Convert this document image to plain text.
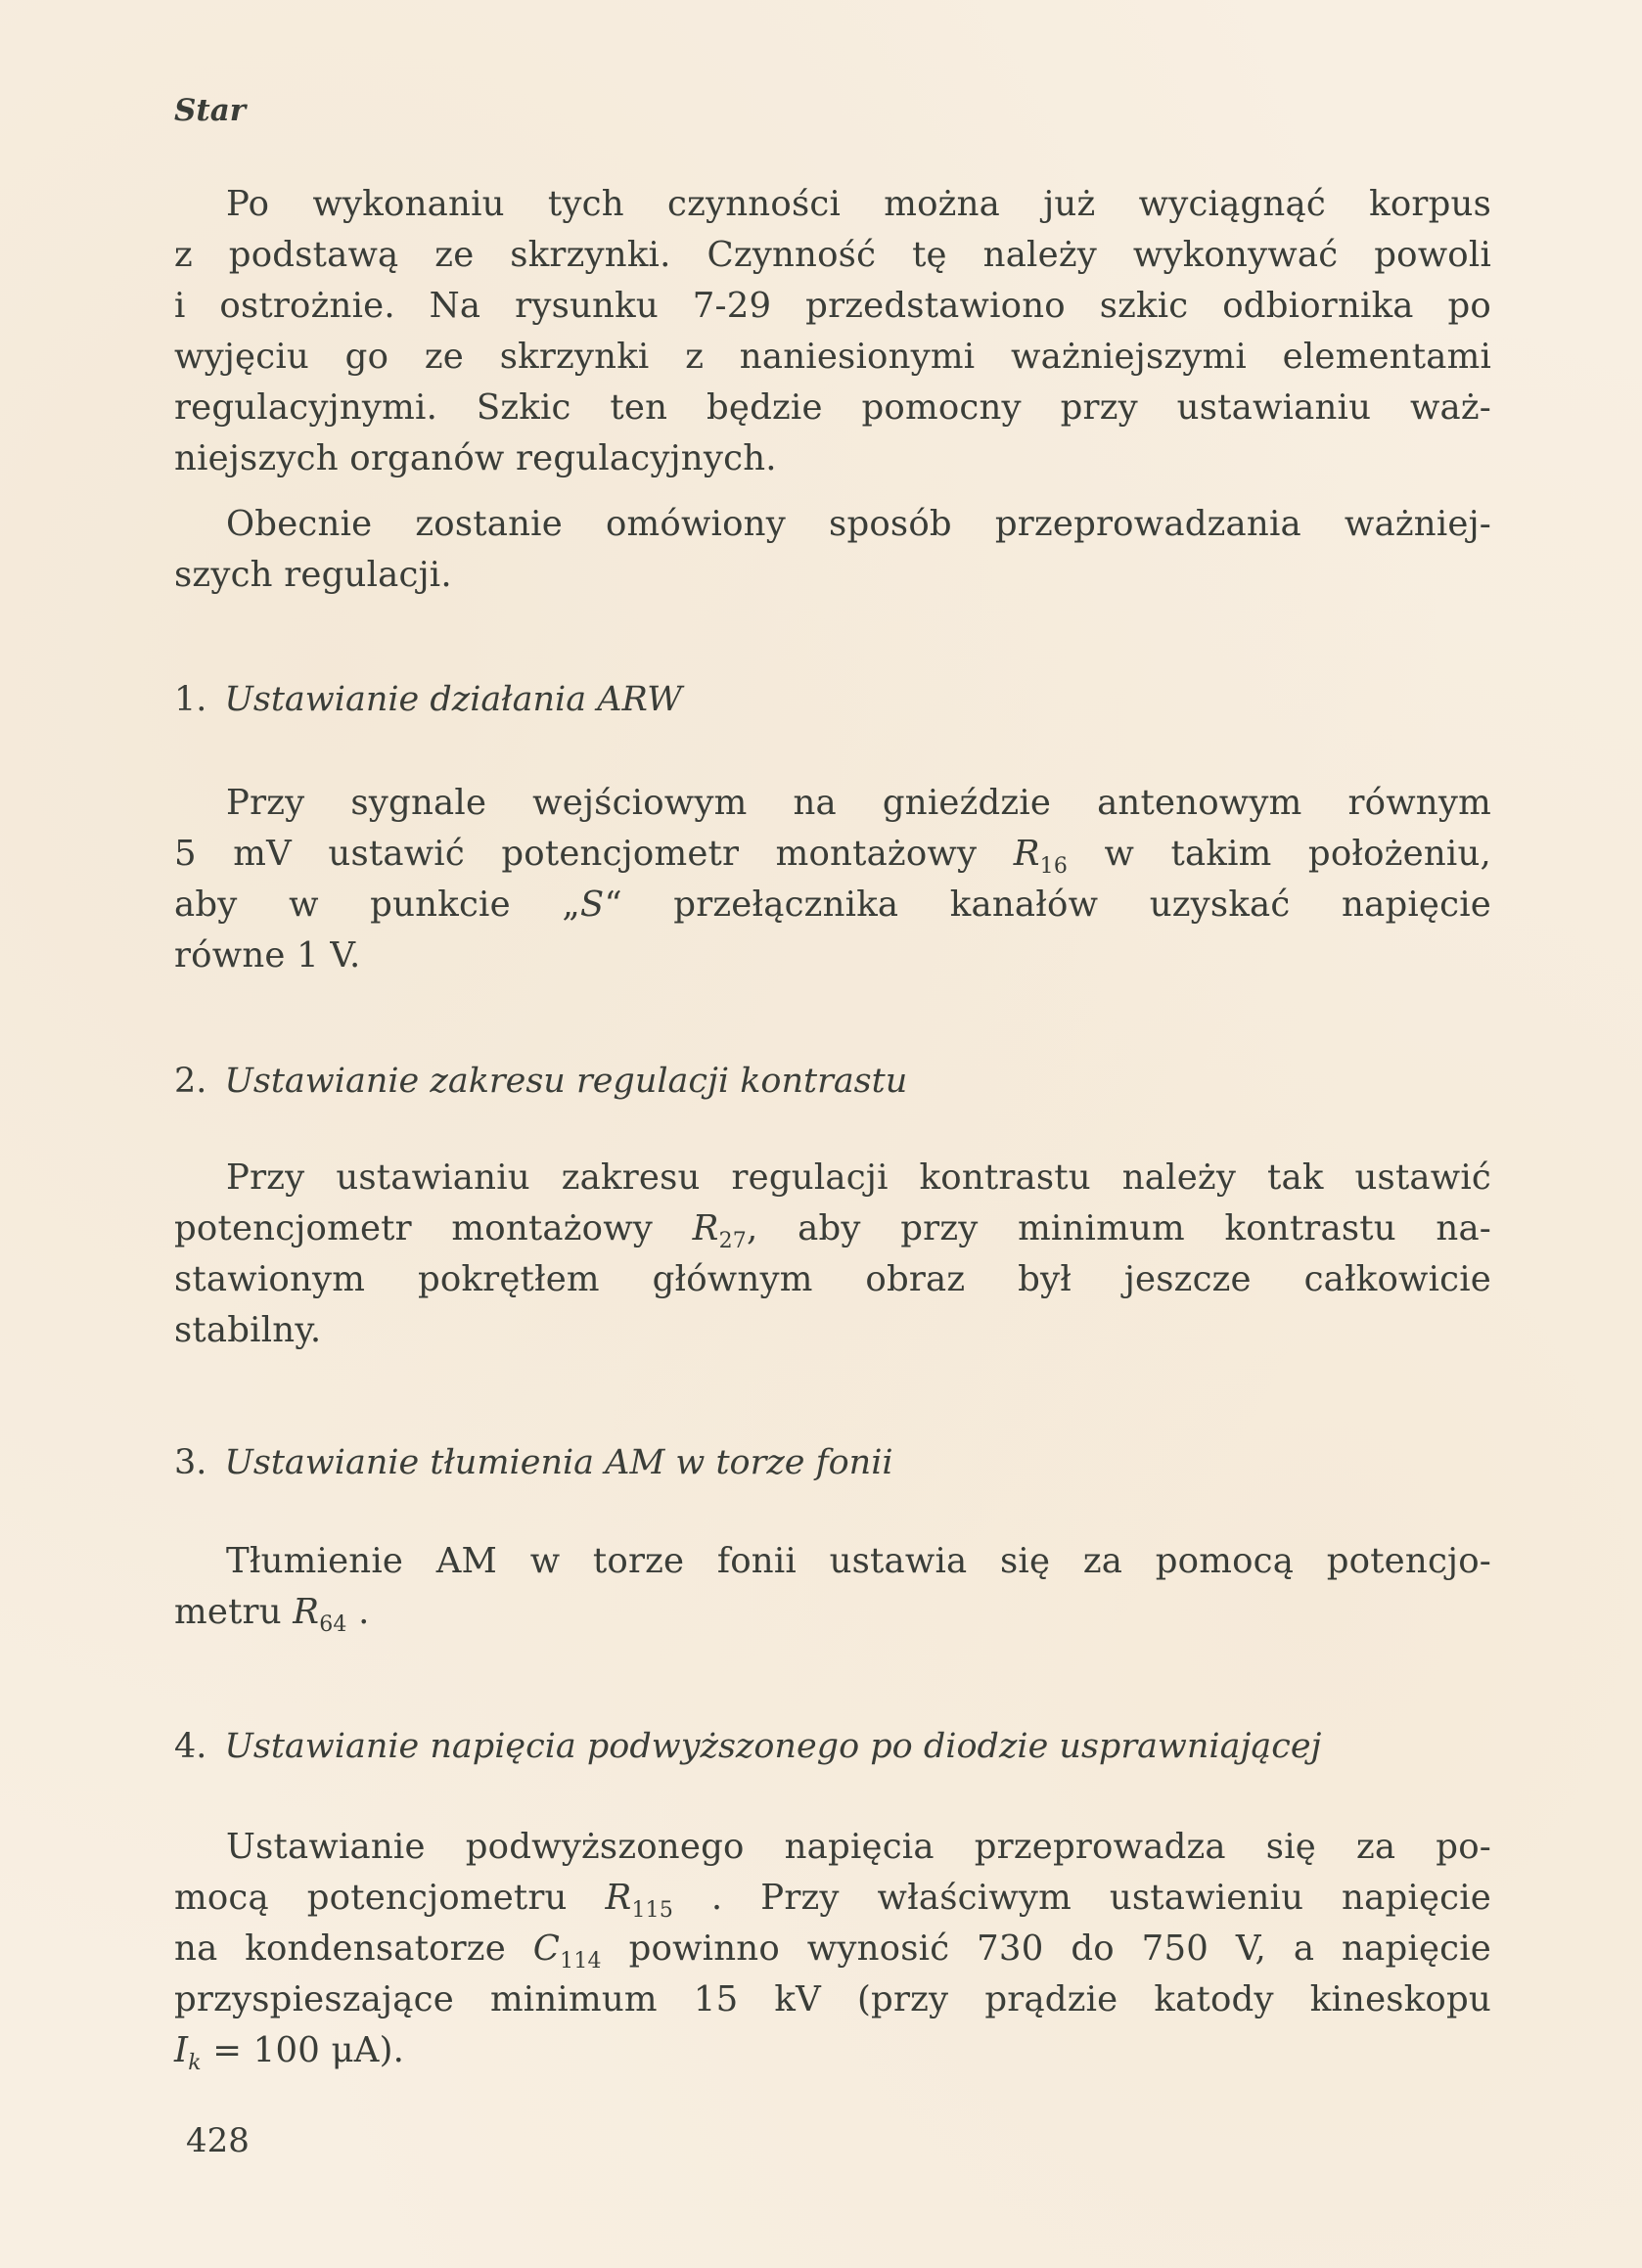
Star

Po wykonaniu tych czynności można już wyciągnąć korpus
z podstawą ze skrzynki. Czynność tę należy wykonywać powoli
i ostrożnie. Na rysunku 7-29 przedstawiono szkic odbiornika po
wyjęciu go ze skrzynki z naniesionymi ważniejszymi elementami
regulacyjnymi. Szkic ten będzie pomocny przy ustawianiu waż-
niejszych organów regulacyjnych.

Obecnie zostanie omówiony sposób przeprowadzania ważniej-
szych regulacji.

1. Ustawianie działania ARW

Przy sygnale wejściowym na gnieździe antenowym równym
5 mV ustawić potencjometr montażowy $R_{16}$ w takim położeniu,
aby w punkcie „S“ przełącznika kanałów uzyskać napięcie
równe 1 V.

2. Ustawianie zakresu regulacji kontrastu

Przy ustawianiu zakresu regulacji kontrastu należy tak ustawić
potencjometr montażowy $R_{27}$, aby przy minimum kontrastu na-
stawionym pokrętłem głównym obraz był jeszcze całkowicie
stabilny.

3. Ustawianie tłumienia AM w torze fonii

Tłumienie AM w torze fonii ustawia się za pomocą potencjo-
metru $R_{64}$ .

4. Ustawianie napięcia podwyższonego po diodzie usprawniającej

Ustawianie podwyższonego napięcia przeprowadza się za po-
mocą potencjometru $R_{115}$ . Przy właściwym ustawieniu napięcie
na kondensatorze $C_{114}$ powinno wynosić 730 do 750 V, a napięcie
przyspieszające minimum 15 kV (przy prądzie katody kineskopu
$I_k = 100$ μA).

428
